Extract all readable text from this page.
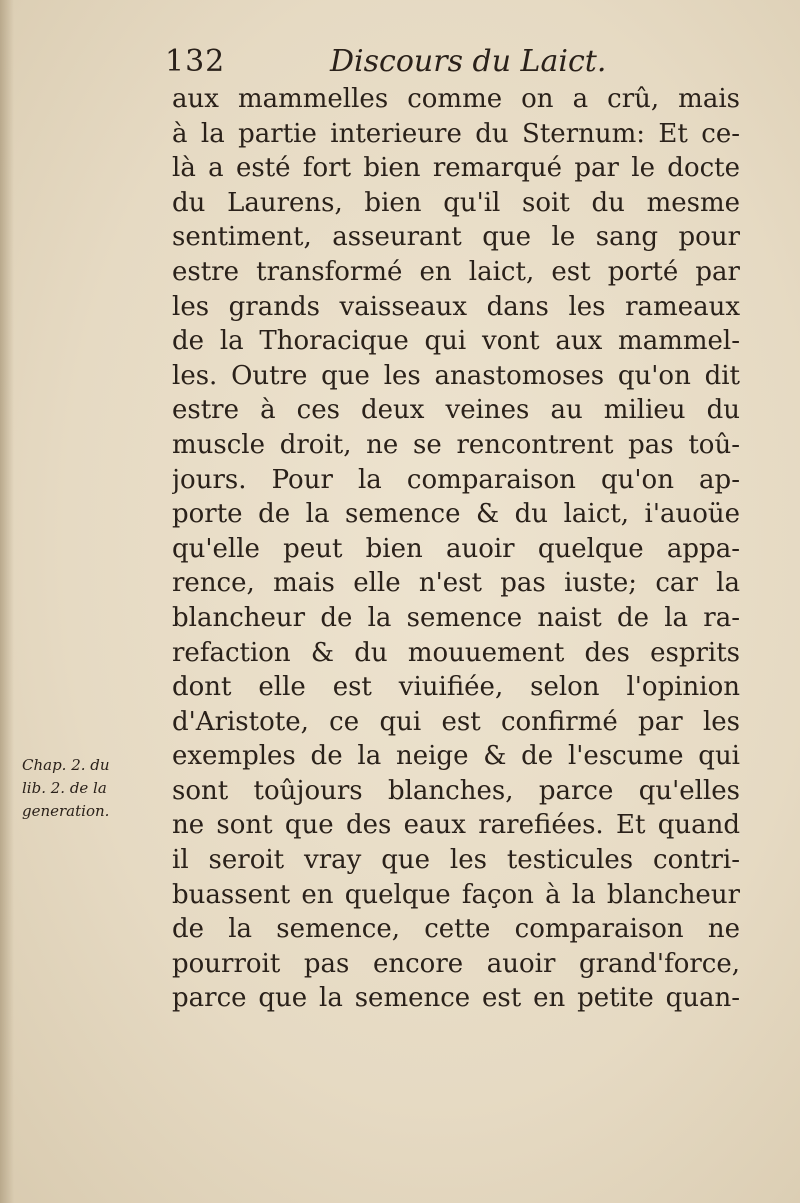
132	Discours du Laict.
aux mammelles comme on a crû, mais
à la partie interieure du Sternum: Et ce-
là a esté fort bien remarqué par le docte
du Laurens, bien qu'il soit du mesme
sentiment, asseurant que le sang pour
estre transformé en laict, est porté par
les grands vaisseaux dans les rameaux
de la Thoracique qui vont aux mammel-
les. Outre que les anastomoses qu'on dit
estre à ces deux veines au milieu du
muscle droit, ne se rencontrent pas toû-
jours. Pour la comparaison qu'on ap-
porte de la semence & du laict, i'auoüe
qu'elle peut bien auoir quelque appa-
rence, mais elle n'est pas iuste; car la
blancheur de la semence naist de la ra-
refaction & du mouuement des esprits
dont elle est viuifiée, selon l'opinion
d'Aristote, ce qui est confirmé par les
exemples de la neige & de l'escume qui
sont toûjours blanches, parce qu'elles
ne sont que des eaux rarefiées. Et quand
il seroit vray que les testicules contri-
buassent en quelque façon à la blancheur
de la semence, cette comparaison ne
pourroit pas encore auoir grand'force,
parce que la semence est en petite quan-
Chap. 2. du
lib. 2. de la
generation.
